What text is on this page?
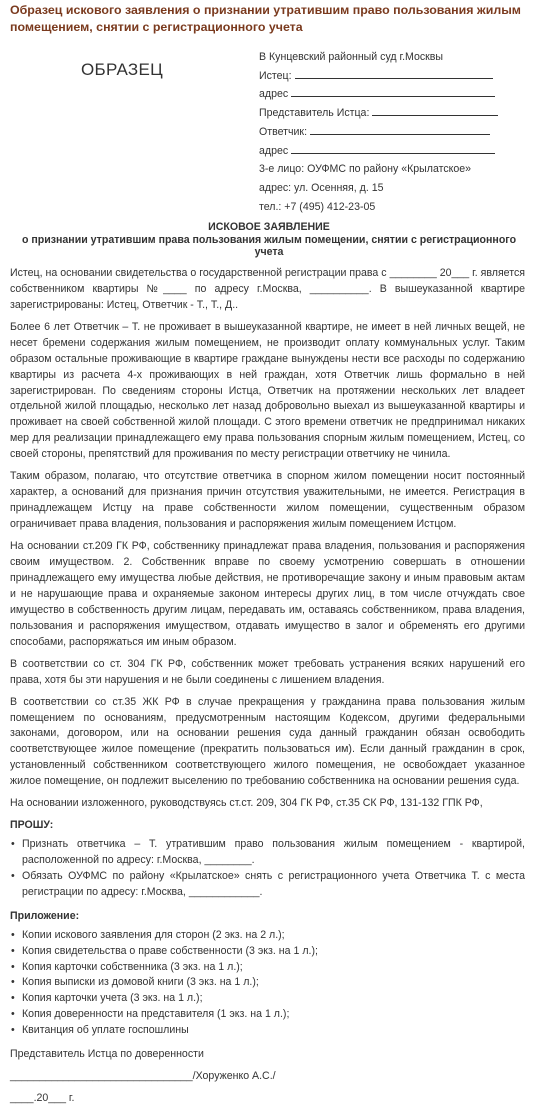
Образец искового заявления о признании утратившим право пользования жилым помещением, снятии с регистрационного учета
ОБРАЗЕЦ
В Кунцевский районный суд г.Москвы
Истец:
адрес
Представитель Истца:
Ответчик:
адрес
3-е лицо: ОУФМС по району «Крылатское»
адрес: ул. Осенняя, д. 15
тел.: +7 (495) 412-23-05
ИСКОВОЕ ЗАЯВЛЕНИЕ
о признании утратившим права пользования жилым помещении, снятии с регистрационного учета

Истец, на основании свидетельства о государственной регистрации права с ________ 20___ г. является собственником квартиры №____ по адресу г.Москва, __________. В вышеуказанной квартире зарегистрированы: Истец, Ответчик - Т., Т., Д..

Более 6 лет Ответчик – Т. не проживает в вышеуказанной квартире, не имеет в ней личных вещей, не несет бремени содержания жилым помещением, не производит оплату коммунальных услуг. Таким образом остальные проживающие в квартире граждане вынуждены нести все расходы по содержанию квартиры из расчета 4-х проживающих в ней граждан, хотя Ответчик лишь формально в ней зарегистрирован. По сведениям стороны Истца, Ответчик на протяжении нескольких лет владеет отдельной жилой площадью, несколько лет назад добровольно выехал из вышеуказанной квартиры и проживает на своей собственной жилой площади. С этого времени ответчик не предпринимал никаких мер для реализации принадлежащего ему права пользования спорным жилым помещением, Истец, со своей стороны, препятствий для проживания по месту регистрации ответчику не чинила.

Таким образом, полагаю, что отсутствие ответчика в спорном жилом помещении носит постоянный характер, а оснований для признания причин отсутствия уважительными, не имеется. Регистрация в принадлежащем Истцу на праве собственности жилом помещении, существенным образом ограничивает права владения, пользования и распоряжения жилым помещением Истцом.

На основании ст.209 ГК РФ, собственнику принадлежат права владения, пользования и распоряжения своим имуществом. 2. Собственник вправе по своему усмотрению совершать в отношении принадлежащего ему имущества любые действия, не противоречащие закону и иным правовым актам и не нарушающие права и охраняемые законом интересы других лиц, в том числе отчуждать свое имущество в собственность другим лицам, передавать им, оставаясь собственником, права владения, пользования и распоряжения имуществом, отдавать имущество в залог и обременять его другими способами, распоряжаться им иным образом.

В соответствии со ст. 304 ГК РФ, собственник может требовать устранения всяких нарушений его права, хотя бы эти нарушения и не были соединены с лишением владения.

В соответствии со ст.35 ЖК РФ в случае прекращения у гражданина права пользования жилым помещением по основаниям, предусмотренным настоящим Кодексом, другими федеральными законами, договором, или на основании решения суда данный гражданин обязан освободить соответствующее жилое помещение (прекратить пользоваться им). Если данный гражданин в срок, установленный собственником соответствующего жилого помещения, не освобождает указанное жилое помещение, он подлежит выселению по требованию собственника на основании решения суда.

На основании изложенного, руководствуясь ст.ст. 209, 304 ГК РФ, ст.35 СК РФ, 131-132 ГПК РФ,

ПРОШУ:
• Признать ответчика – Т. утратившим право пользования жилым помещением - квартирой, расположенной по адресу: г.Москва, ________.
• Обязать ОУФМС по району «Крылатское» снять с регистрационного учета Ответчика Т. с места регистрации по адресу: г.Москва, ____________.
Приложение:
• Копии искового заявления для сторон (2 экз. на 2 л.);
• Копия свидетельства о праве собственности (3 экз. на 1 л.);
• Копия карточки собственника (3 экз. на 1 л.);
• Копия выписки из домовой книги (3 экз. на 1 л.);
• Копия карточки учета (3 экз. на 1 л.);
• Копия доверенности на представителя (1 экз. на 1 л.);
• Квитанция об уплате госпошлины
Представитель Истца по доверенности
_______________________________/Хоруженко А.С./
____.20___ г.
